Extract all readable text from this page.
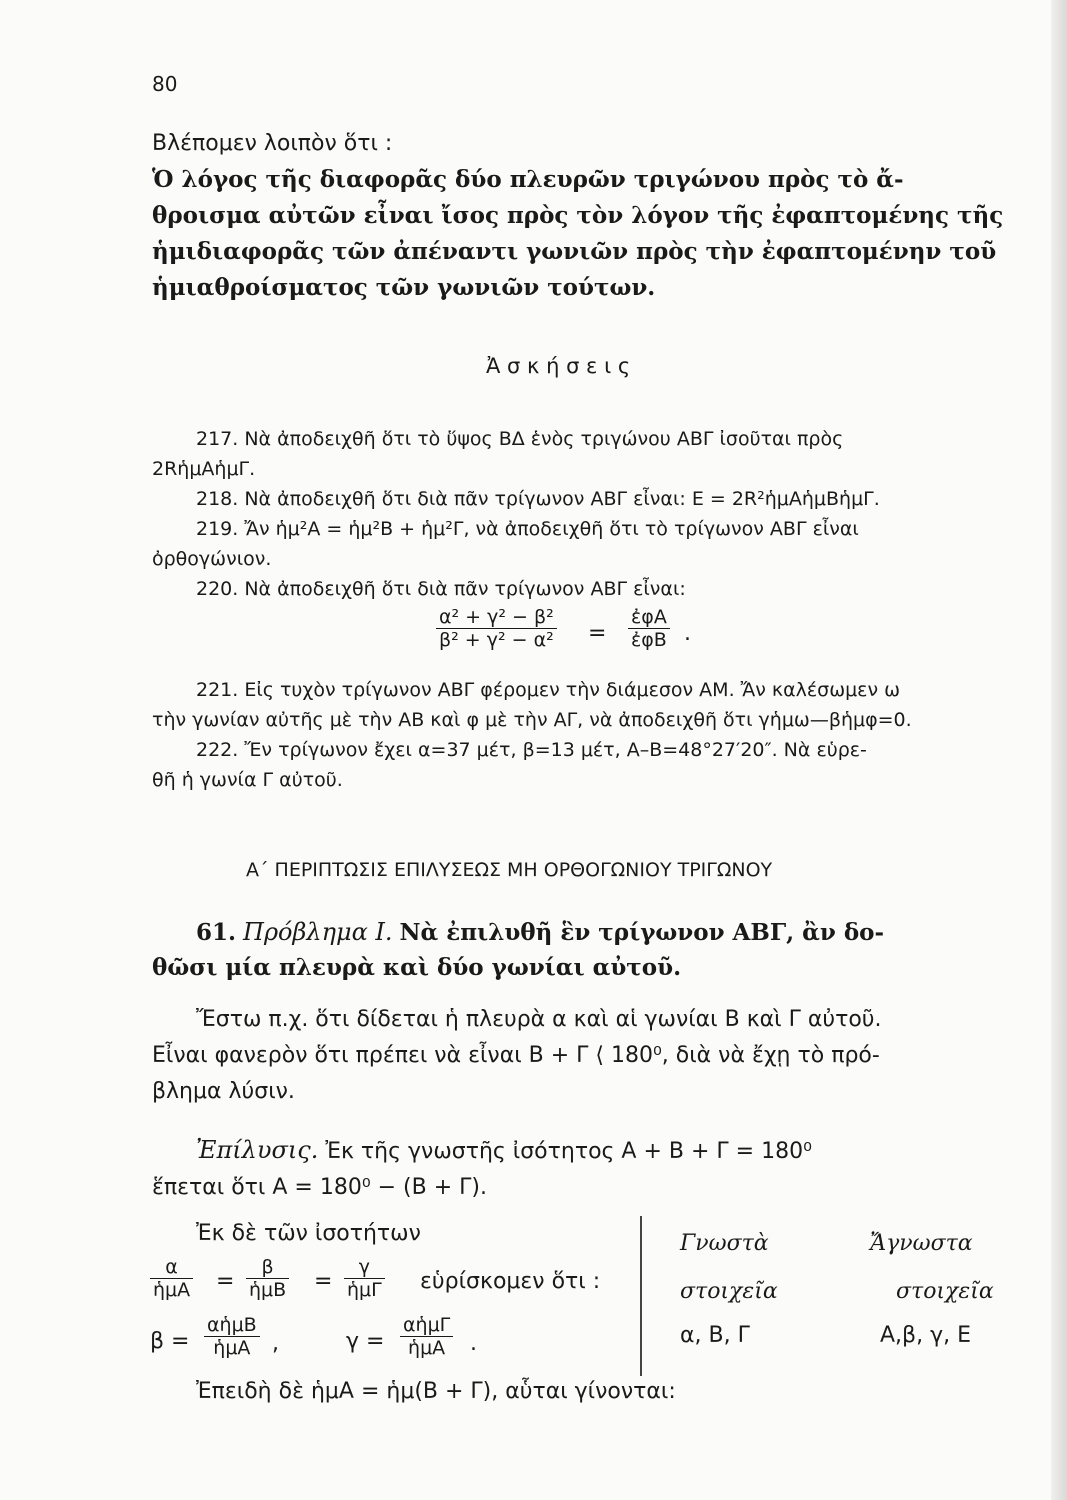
80
Βλέπομεν λοιπὸν ὅτι :
Ὁ λόγος τῆς διαφορᾶς δύο πλευρῶν τριγώνου πρὸς τὸ ἄ-
θροισμα αὐτῶν εἶναι ἴσος πρὸς τὸν λόγον τῆς ἐφαπτομένης τῆς
ἡμιδιαφορᾶς τῶν ἀπέναντι γωνιῶν πρὸς τὴν ἐφαπτομένην τοῦ
ἡμιαθροίσματος τῶν γωνιῶν τούτων.
Ἀ σ κ ή σ ε ι ς
217. Νὰ ἀποδειχθῆ ὅτι τὸ ὕψος ΒΔ ἑνὸς τριγώνου ΑΒΓ ἰσοῦται πρὸς
2RἡμΑἡμΓ.
218. Νὰ ἀποδειχθῆ ὅτι διὰ πᾶν τρίγωνον ΑΒΓ εἶναι: Ε = 2R²ἡμΑἡμΒἡμΓ.
219. Ἄν ἡμ²Α = ἡμ²Β + ἡμ²Γ, νὰ ἀποδειχθῆ ὅτι τὸ τρίγωνον ΑΒΓ εἶναι
ὀρθογώνιον.
220. Νὰ ἀποδειχθῆ ὅτι διὰ πᾶν τρίγωνον ΑΒΓ εἶναι:
$\frac{\text{α² + γ² − β²}}{\text{β² + γ² − α²}}$ =
ἐφΑ
ἐφΒ .
221. Εἰς τυχὸν τρίγωνον ΑΒΓ φέρομεν τὴν διάμεσον ΑΜ. Ἄν καλέσωμεν ω
τὴν γωνίαν αὐτῆς μὲ τὴν ΑΒ καὶ φ μὲ τὴν ΑΓ, νὰ ἀποδειχθῆ ὅτι γἡμω—βἡμφ=0.
222. Ἔν τρίγωνον ἔχει α=37 μέτ, β=13 μέτ, Α–Β=48°27′20″. Νὰ εὑρε-
θῆ ἡ γωνία Γ αὐτοῦ.
Α΄ ΠΕΡΙΠΤΩΣΙΣ ΕΠΙΛΥΣΕΩΣ ΜΗ ΟΡΘΟΓΩΝΙΟΥ ΤΡΙΓΩΝΟΥ
61. Πρόβλημα Ι. Νὰ ἐπιλυθῆ ἓν τρίγωνον ΑΒΓ, ἂν δο-
θῶσι μία πλευρὰ καὶ δύο γωνίαι αὐτοῦ.
Ἔστω π.χ. ὅτι δίδεται ἡ πλευρὰ α καὶ αἱ γωνίαι Β καὶ Γ αὐτοῦ.
Εἶναι φανερὸν ὅτι πρέπει νὰ εἶναι Β + Γ ⟨ 180⁰, διὰ νὰ ἔχῃ τὸ πρό-
βλημα λύσιν.
Ἐπίλυσις. Ἐκ τῆς γνωστῆς ἰσότητος Α + Β + Γ = 180⁰
ἕπεται ὅτι Α = 180⁰ − (Β + Γ).
Ἐκ δὲ τῶν ἰσοτήτων
α
ἡμΑ =
β
ἡμΒ =
γ
ἡμΓ εὑρίσκομεν ὅτι :
β =
αἡμΒ
ἡμΑ ,	γ =
αἡμΓ
ἡμΑ	.
Γνωστὰ	Ἄγνωστα
στοιχεῖα	στοιχεῖα
α, Β, Γ	Α,β, γ, Ε
Ἐπειδὴ δὲ ἡμΑ = ἡμ(Β + Γ), αὗται γίνονται:
